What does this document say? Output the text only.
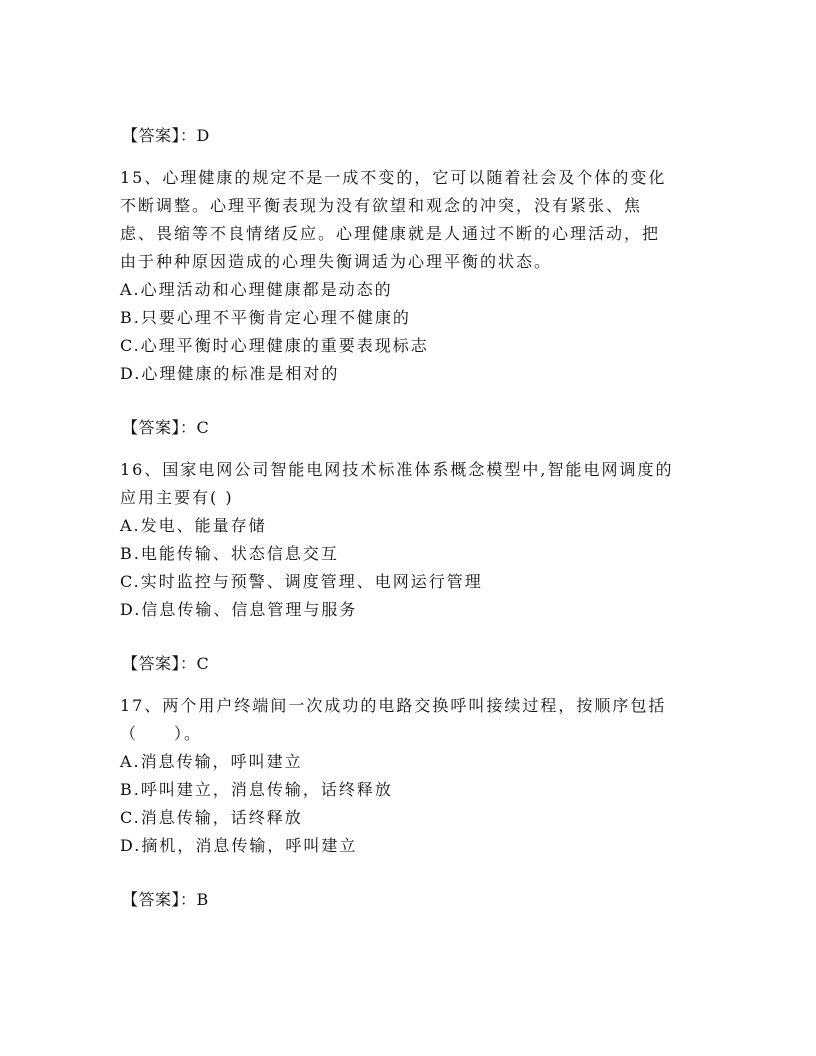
【答案】：D
15、心理健康的规定不是一成不变的，它可以随着社会及个体的变化
不断调整。心理平衡表现为没有欲望和观念的冲突，没有紧张、焦
虑、畏缩等不良情绪反应。心理健康就是人通过不断的心理活动，把
由于种种原因造成的心理失衡调适为心理平衡的状态。
A.心理活动和心理健康都是动态的
B.只要心理不平衡肯定心理不健康的
C.心理平衡时心理健康的重要表现标志
D.心理健康的标准是相对的
【答案】：C
16、国家电网公司智能电网技术标准体系概念模型中,智能电网调度的
应用主要有( )
A.发电、能量存储
B.电能传输、状态信息交互
C.实时监控与预警、调度管理、电网运行管理
D.信息传输、信息管理与服务
【答案】：C
17、两个用户终端间一次成功的电路交换呼叫接续过程，按顺序包括
（　　）。
A.消息传输，呼叫建立
B.呼叫建立，消息传输，话终释放
C.消息传输，话终释放
D.摘机，消息传输，呼叫建立
【答案】：B
